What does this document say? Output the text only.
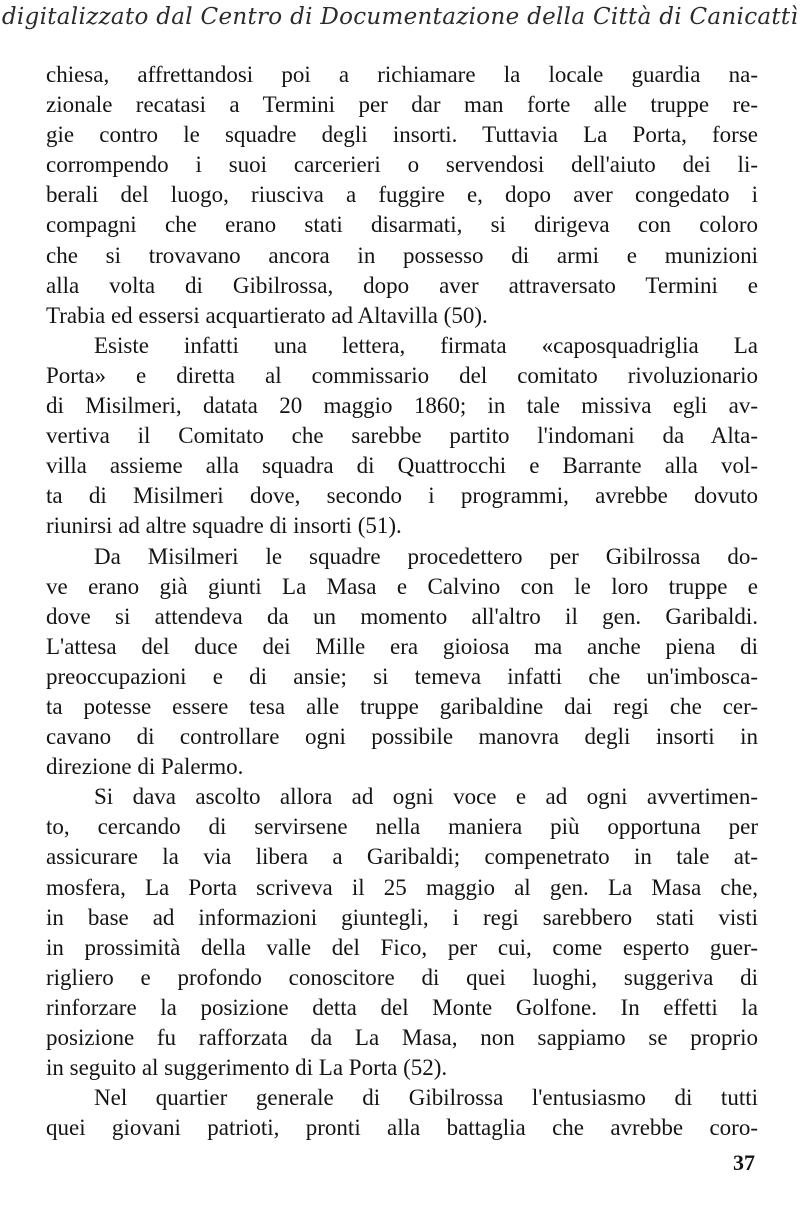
digitalizzato dal Centro di Documentazione della Città di Canicattì
chiesa, affrettandosi poi a richiamare la locale guardia na-
zionale recatasi a Termini per dar man forte alle truppe re-
gie contro le squadre degli insorti. Tuttavia La Porta, forse
corrompendo i suoi carcerieri o servendosi dell'aiuto dei li-
berali del luogo, riusciva a fuggire e, dopo aver congedato i
compagni che erano stati disarmati, si dirigeva con coloro
che si trovavano ancora in possesso di armi e munizioni
alla volta di Gibilrossa, dopo aver attraversato Termini e
Trabia ed essersi acquartierato ad Altavilla (50).
Esiste infatti una lettera, firmata «caposquadriglia La
Porta» e diretta al commissario del comitato rivoluzionario
di Misilmeri, datata 20 maggio 1860; in tale missiva egli av-
vertiva il Comitato che sarebbe partito l'indomani da Alta-
villa assieme alla squadra di Quattrocchi e Barrante alla vol-
ta di Misilmeri dove, secondo i programmi, avrebbe dovuto
riunirsi ad altre squadre di insorti (51).
Da Misilmeri le squadre procedettero per Gibilrossa do-
ve erano già giunti La Masa e Calvino con le loro truppe e
dove si attendeva da un momento all'altro il gen. Garibaldi.
L'attesa del duce dei Mille era gioiosa ma anche piena di
preoccupazioni e di ansie; si temeva infatti che un'imbosca-
ta potesse essere tesa alle truppe garibaldine dai regi che cer-
cavano di controllare ogni possibile manovra degli insorti in
direzione di Palermo.
Si dava ascolto allora ad ogni voce e ad ogni avvertimen-
to, cercando di servirsene nella maniera più opportuna per
assicurare la via libera a Garibaldi; compenetrato in tale at-
mosfera, La Porta scriveva il 25 maggio al gen. La Masa che,
in base ad informazioni giuntegli, i regi sarebbero stati visti
in prossimità della valle del Fico, per cui, come esperto guer-
rigliero e profondo conoscitore di quei luoghi, suggeriva di
rinforzare la posizione detta del Monte Golfone. In effetti la
posizione fu rafforzata da La Masa, non sappiamo se proprio
in seguito al suggerimento di La Porta (52).
Nel quartier generale di Gibilrossa l'entusiasmo di tutti
quei giovani patrioti, pronti alla battaglia che avrebbe coro-
37
